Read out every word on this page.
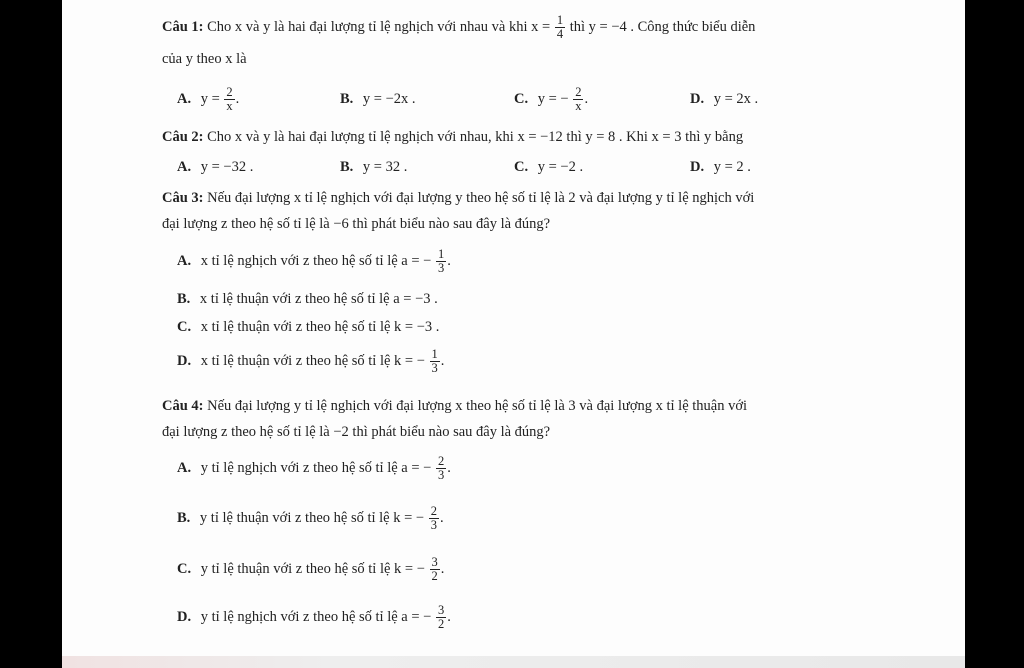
Câu 1: Cho x và y là hai đại lượng tỉ lệ nghịch với nhau và khi $x = \frac{1}{4}$ thì y = −4 . Công thức biểu diễn
của y theo x là
A. $y = \frac{2}{x}$ .	B. y = −2x .	C. y = − $\frac{2}{x}$ .	D. y = 2x .
Câu 2: Cho x và y là hai đại lượng tỉ lệ nghịch với nhau, khi x = −12 thì y = 8 . Khi x = 3 thì y bằng
A. y = −32 .	B. y = 32 .	C. y = −2 .	D. y = 2 .
Câu 3: Nếu đại lượng x tỉ lệ nghịch với đại lượng y theo hệ số tỉ lệ là 2 và đại lượng y tỉ lệ nghịch với
đại lượng z theo hệ số tỉ lệ là −6 thì phát biểu nào sau đây là đúng?
A. x tỉ lệ nghịch với z theo hệ số tỉ lệ a = − $\frac{1}{3}$ .
B. x tỉ lệ thuận với z theo hệ số tỉ lệ a = −3 .
C. x tỉ lệ thuận với z theo hệ số tỉ lệ k = −3 .
D. x tỉ lệ thuận với z theo hệ số tỉ lệ k = − $\frac{1}{3}$ .
Câu 4: Nếu đại lượng y tỉ lệ nghịch với đại lượng x theo hệ số tỉ lệ là 3 và đại lượng x tỉ lệ thuận với
đại lượng z theo hệ số tỉ lệ là −2 thì phát biểu nào sau đây là đúng?
A. y tỉ lệ nghịch với z theo hệ số tỉ lệ a = − $\frac{2}{3}$ .
B. y tỉ lệ thuận với z theo hệ số tỉ lệ k = − $\frac{2}{3}$ .
C. y tỉ lệ thuận với z theo hệ số tỉ lệ k = − $\frac{3}{2}$ .
D. y tỉ lệ nghịch với z theo hệ số tỉ lệ a = − $\frac{3}{2}$ .
